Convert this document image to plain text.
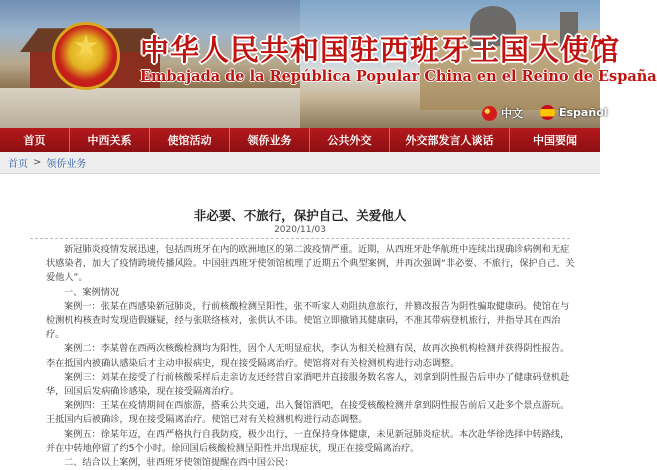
中华人民共和国驻西班牙王国大使馆
Embajada de la República Popular China en el Reino de España
中文	Español
首页	中西关系	使馆活动	领侨业务	公共外交	外交部发言人谈话	中国要闻
首页 > 领侨业务
非必要、不旅行，保护自己、关爱他人
2020/11/03

新冠肺炎疫情发展迅速，包括西班牙在内的欧洲地区的第二波疫情严重。近期，从西班牙赴华航班中连续出现确诊病例和无症状感染者，加大了疫情跨境传播风险。中国驻西班牙使领馆梳理了近期五个典型案例，并再次强调“非必要、不旅行，保护自己、关爱他人”。

一、案例情况

案例一：张某在西感染新冠肺炎，行前核酸检测呈阳性，张不听家人劝阻执意旅行，并篡改报告为阴性骗取健康码。使馆在与检测机构核查时发现造假嫌疑，经与张联络核对，张供认不讳。使馆立即撤销其健康码，不准其带病登机旅行，并指导其在西治疗。

案例二：李某曾在西两次核酸检测均为阳性，因个人无明显症状，李认为相关检测有误，故再次换机构检测并获得阴性报告。李在抵国内被确认感染后才主动申报病史，现在接受隔离治疗。使馆将对有关检测机构进行动态调整。

案例三：刘某在接受了行前核酸采样后走亲访友还经营自家酒吧并直接服务数名客人，刘拿到阴性报告后申办了健康码登机赴华，回国后发病确诊感染，现在接受隔离治疗。

案例四：王某在疫情期间在西旅游，搭乘公共交通，出入餐馆酒吧，在接受核酸检测并拿到阴性报告前后又赴多个景点游玩。王抵国内后被确诊，现在接受隔离治疗。使馆已对有关检测机构进行动态调整。

案例五：徐某年迈，在西严格执行自我防疫，极少出行，一直保持身体健康，未见新冠肺炎症状。本次赴华徐选择中转路线，并在中转地停留了约5个小时。徐回国后核酸检测呈阳性并出现症状，现正在接受隔离治疗。

二、结合以上案例，驻西班牙使领馆提醒在西中国公民：
